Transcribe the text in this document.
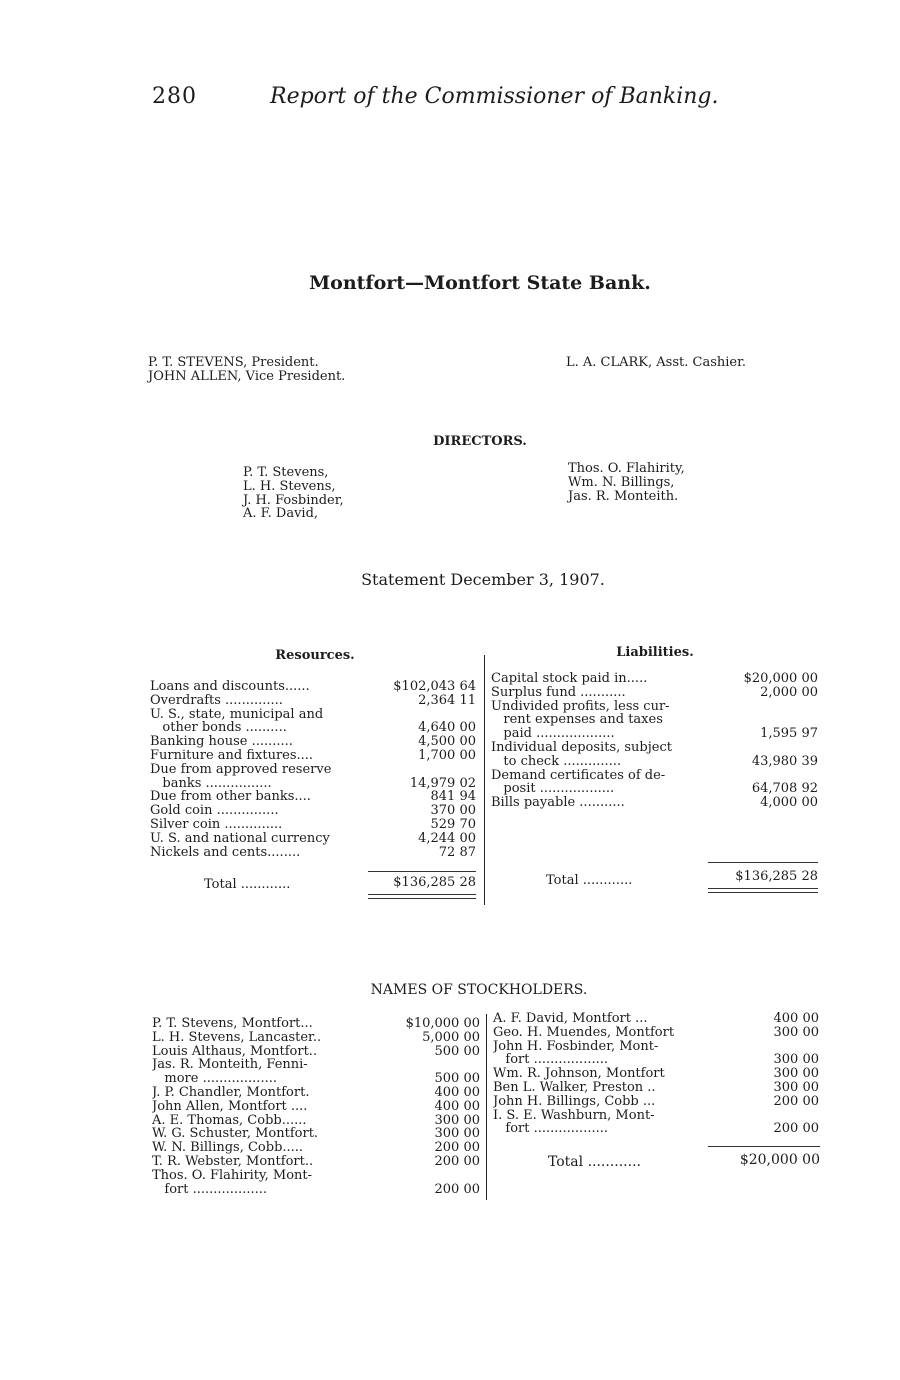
280	Report of the Commissioner of Banking.
Montfort—Montfort State Bank.
P. T. STEVENS, President.
JOHN ALLEN, Vice President.
L. A. CLARK, Asst. Cashier.
DIRECTORS.
P. T. Stevens,
L. H. Stevens,
J. H. Fosbinder,
A. F. David,
Thos. O. Flahirity,
Wm. N. Billings,
Jas. R. Monteith.
Statement December 3, 1907.
Resources.	Liabilities.
Loans and discounts......	$102,043 64
Overdrafts ..............	2,364 11
U. S., state, municipal and
other bonds ..........	4,640 00
Banking house ..........	4,500 00
Furniture and fixtures....	1,700 00
Due from approved reserve
banks ................	14,979 02
Due from other banks....	841 94
Gold coin ...............	370 00
Silver coin ..............	529 70
U. S. and national currency	4,244 00
Nickels and cents........	72 87
Total ............	$136,285 28
Capital stock paid in.....	$20,000 00
Surplus fund ...........	2,000 00
Undivided profits, less cur-
rent expenses and taxes
paid ...................	1,595 97
Individual deposits, subject
to check ..............	43,980 39
Demand certificates of de-
posit ..................	64,708 92
Bills payable ...........	4,000 00
Total ............	$136,285 28
NAMES OF STOCKHOLDERS.
P. T. Stevens, Montfort...	$10,000 00
L. H. Stevens, Lancaster..	5,000 00
Louis Althaus, Montfort..	500 00
Jas. R. Monteith, Fenni-
more ..................	500 00
J. P. Chandler, Montfort.	400 00
John Allen, Montfort ....	400 00
A. E. Thomas, Cobb......	300 00
W. G. Schuster, Montfort.	300 00
W. N. Billings, Cobb.....	200 00
T. R. Webster, Montfort..	200 00
Thos. O. Flahirity, Mont-
fort ..................	200 00
A. F. David, Montfort ...	400 00
Geo. H. Muendes, Montfort	300 00
John H. Fosbinder, Mont-
fort ..................	300 00
Wm. R. Johnson, Montfort	300 00
Ben L. Walker, Preston ..	300 00
John H. Billings, Cobb ...	200 00
I. S. E. Washburn, Mont-
fort ..................	200 00
Total ............	$20,000 00
